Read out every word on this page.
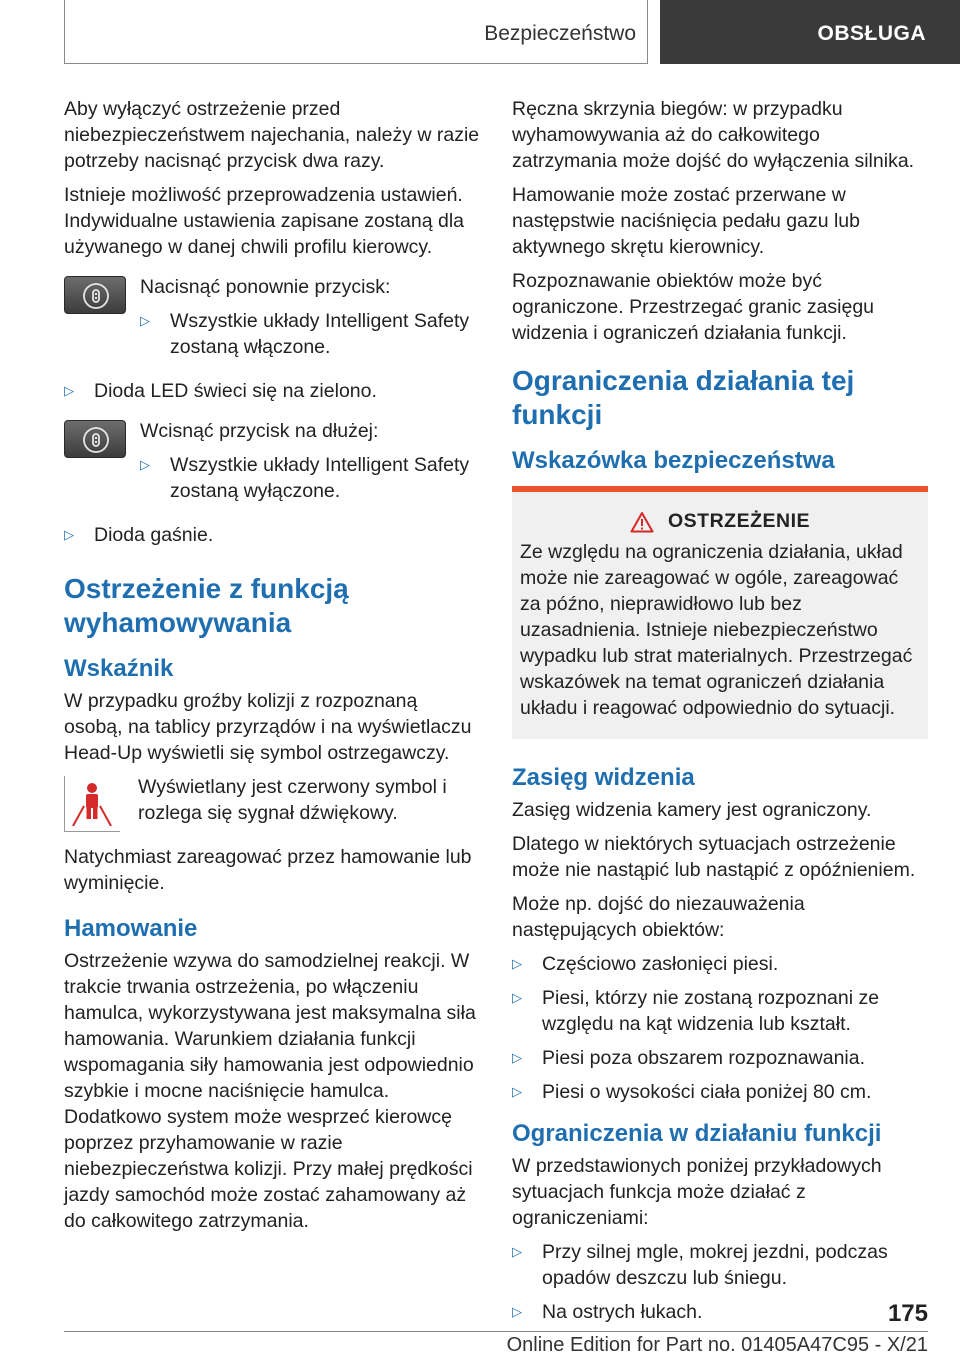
Bezpieczeństwo	OBSŁUGA

Aby wyłączyć ostrzeżenie przed niebezpieczeństwem najechania, należy w razie potrzeby nacisnąć przycisk dwa razy.

Istnieje możliwość przeprowadzenia ustawień. Indywidualne ustawienia zapisane zostaną dla używanego w danej chwili profilu kierowcy.

Nacisnąć ponownie przycisk:

▷	Wszystkie układy Intelligent Safety zostaną włączone.
▷	Dioda LED świeci się na zielono.

Wcisnąć przycisk na dłużej:

▷	Wszystkie układy Intelligent Safety zostaną wyłączone.
▷	Dioda gaśnie.
Ostrzeżenie z funkcją wyhamowywania
Wskaźnik

W przypadku groźby kolizji z rozpoznaną osobą, na tablicy przyrządów i na wyświetlaczu Head-Up wyświetli się symbol ostrzegawczy.

Wyświetlany jest czerwony symbol i rozlega się sygnał dźwiękowy.

Natychmiast zareagować przez hamowanie lub wyminięcie.

Hamowanie

Ostrzeżenie wzywa do samodzielnej reakcji. W trakcie trwania ostrzeżenia, po włączeniu hamulca, wykorzystywana jest maksymalna siła hamowania. Warunkiem działania funkcji wspomagania siły hamowania jest odpowiednio szybkie i mocne naciśnięcie hamulca. Dodatkowo system może wesprzeć kierowcę poprzez przyhamowanie w razie niebezpieczeństwa kolizji. Przy małej prędkości jazdy samochód może zostać zahamowany aż do całkowitego zatrzymania.

Ręczna skrzynia biegów: w przypadku wyhamowywania aż do całkowitego zatrzymania może dojść do wyłączenia silnika.

Hamowanie może zostać przerwane w następstwie naciśnięcia pedału gazu lub aktywnego skrętu kierownicy.

Rozpoznawanie obiektów może być ograniczone. Przestrzegać granic zasięgu widzenia i ograniczeń działania funkcji.

Ograniczenia działania tej funkcji
Wskazówka bezpieczeństwa
OSTRZEŻENIE

Ze względu na ograniczenia działania, układ może nie zareagować w ogóle, zareagować za późno, nieprawidłowo lub bez uzasadnienia. Istnieje niebezpieczeństwo wypadku lub strat materialnych. Przestrzegać wskazówek na temat ograniczeń działania układu i reagować odpowiednio do sytuacji.

Zasięg widzenia

Zasięg widzenia kamery jest ograniczony.

Dlatego w niektórych sytuacjach ostrzeżenie może nie nastąpić lub nastąpić z opóźnieniem.

Może np. dojść do niezauważenia następujących obiektów:

▷	Częściowo zasłonięci piesi.
▷	Piesi, którzy nie zostaną rozpoznani ze względu na kąt widzenia lub kształt.
▷	Piesi poza obszarem rozpoznawania.
▷	Piesi o wysokości ciała poniżej 80 cm.
Ograniczenia w działaniu funkcji

W przedstawionych poniżej przykładowych sytuacjach funkcja może działać z ograniczeniami:

▷	Przy silnej mgle, mokrej jezdni, podczas opadów deszczu lub śniegu.
▷	Na ostrych łukach.	175
Online Edition for Part no. 01405A47C95 - X/21
